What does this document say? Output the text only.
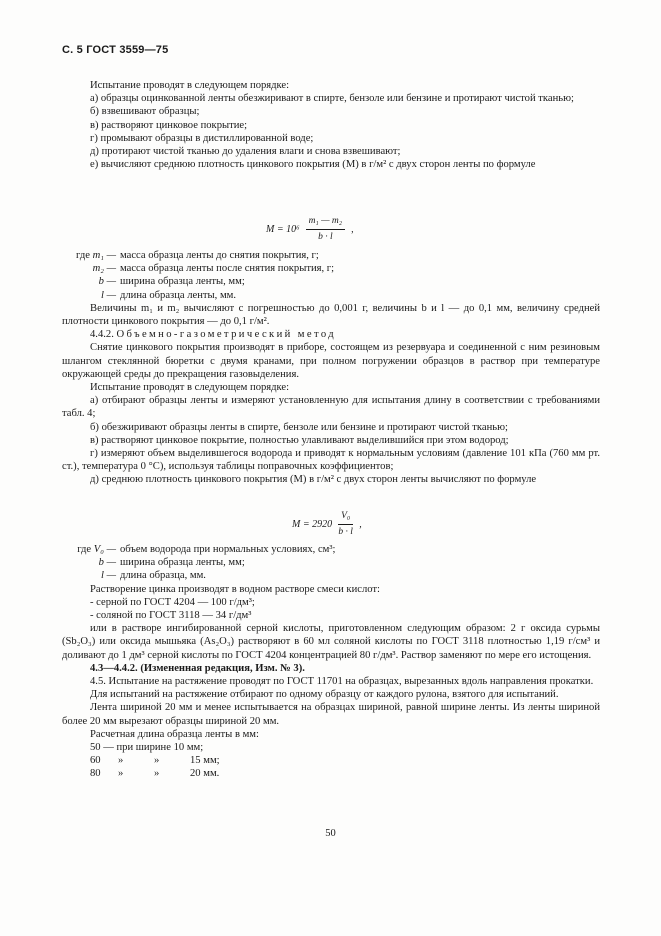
С. 5 ГОСТ 3559—75

Испытание проводят в следующем порядке:

а) образцы оцинкованной ленты обезжиривают в спирте, бензоле или бензине и протирают чистой тканью;

б) взвешивают образцы;

в) растворяют цинковое покрытие;

г) промывают образцы в дистиллированной воде;

д) протирают чистой тканью до удаления влаги и снова взвешивают;

е) вычисляют среднюю плотность цинкового покрытия (M) в г/м² с двух сторон ленты по формуле

$M = 10^6 \frac{\text{m₁ — m₂}}{b \cdot l}$ ,
где m₁ — масса образца ленты до снятия покрытия, г;
m₂ — масса образца ленты после снятия покрытия, г;
b — ширина образца ленты, мм;
l — длина образца ленты, мм.

Величины m₁ и m₂ вычисляют с погрешностью до 0,001 г, величины b и l — до 0,1 мм, величину средней плотности цинкового покрытия — до 0,1 г/м².

4.4.2. Объемно-газометрический метод

Снятие цинкового покрытия производят в приборе, состоящем из резервуара и соединенной с ним резиновым шлангом стеклянной бюретки с двумя кранами, при полном погружении образцов в раствор при температуре окружающей среды до прекращения газовыделения.

Испытание проводят в следующем порядке:

а) отбирают образцы ленты и измеряют установленную для испытания длину в соответствии с требованиями табл. 4;

б) обезжиривают образцы ленты в спирте, бензоле или бензине и протирают чистой тканью;

в) растворяют цинковое покрытие, полностью улавливают выделившийся при этом водород;

г) измеряют объем выделившегося водорода и приводят к нормальным условиям (давление 101 кПа (760 мм рт. ст.), температура 0 °С), используя таблицы поправочных коэффициентов;

д) среднюю плотность цинкового покрытия (M) в г/м² с двух сторон ленты вычисляют по формуле

$M = 2920 \frac{\text{V₀}}{b \cdot l}$ ,
где V₀ — объем водорода при нормальных условиях, см³;
b — ширина образца ленты, мм;
l — длина образца, мм.

Растворение цинка производят в водном растворе смеси кислот:

- серной по ГОСТ 4204 — 100 г/дм³;

- соляной по ГОСТ 3118 — 34 г/дм³

или в растворе ингибированной серной кислоты, приготовленном следующим образом: 2 г оксида сурьмы (Sb₂O₃) или оксида мышьяка (As₂O₃) растворяют в 60 мл соляной кислоты по ГОСТ 3118 плотностью 1,19 г/см³ и доливают до 1 дм³ серной кислоты по ГОСТ 4204 концентрацией 80 г/дм³. Раствор заменяют по мере его истощения.

4.3—4.4.2. (Измененная редакция, Изм. № 3).

4.5. Испытание на растяжение проводят по ГОСТ 11701 на образцах, вырезанных вдоль направления прокатки.

Для испытаний на растяжение отбирают по одному образцу от каждого рулона, взятого для испытаний.

Лента шириной 20 мм и менее испытывается на образцах шириной, равной ширине ленты. Из ленты шириной более 20 мм вырезают образцы шириной 20 мм.

Расчетная длина образца ленты в мм:

50 — при ширине 10 мм;
60	»	»	15 мм;
80	»	»	20 мм.
50
